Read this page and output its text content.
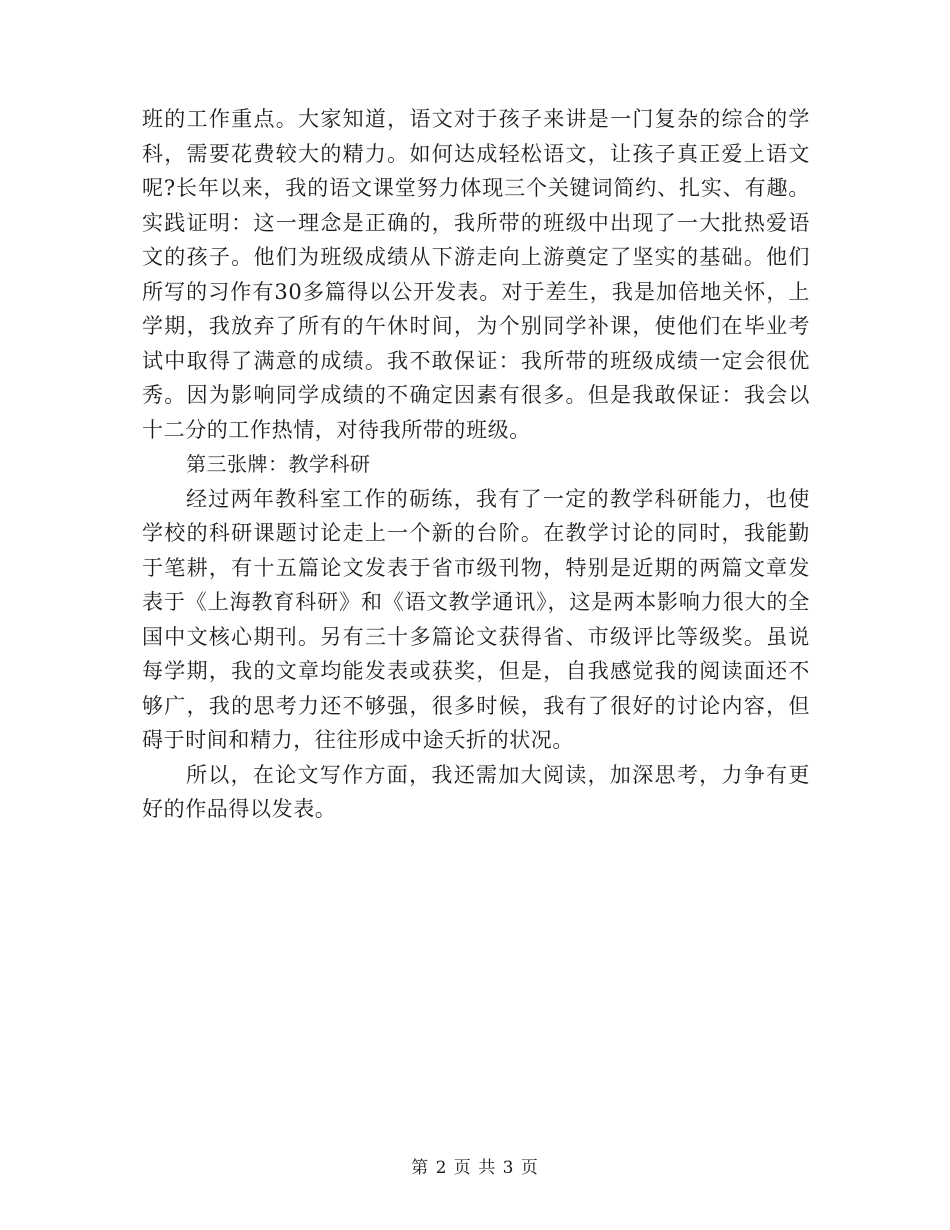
班的工作重点。大家知道，语文对于孩子来讲是一门复杂的综合的学科，需要花费较大的精力。如何达成轻松语文，让孩子真正爱上语文呢?长年以来，我的语文课堂努力体现三个关键词简约、扎实、有趣。实践证明：这一理念是正确的，我所带的班级中出现了一大批热爱语文的孩子。他们为班级成绩从下游走向上游奠定了坚实的基础。他们所写的习作有30多篇得以公开发表。对于差生，我是加倍地关怀，上学期，我放弃了所有的午休时间，为个别同学补课，使他们在毕业考试中取得了满意的成绩。我不敢保证：我所带的班级成绩一定会很优秀。因为影响同学成绩的不确定因素有很多。但是我敢保证：我会以十二分的工作热情，对待我所带的班级。

第三张牌：教学科研

经过两年教科室工作的砺练，我有了一定的教学科研能力，也使学校的科研课题讨论走上一个新的台阶。在教学讨论的同时，我能勤于笔耕，有十五篇论文发表于省市级刊物，特别是近期的两篇文章发表于《上海教育科研》和《语文教学通讯》，这是两本影响力很大的全国中文核心期刊。另有三十多篇论文获得省、市级评比等级奖。虽说每学期，我的文章均能发表或获奖，但是，自我感觉我的阅读面还不够广，我的思考力还不够强，很多时候，我有了很好的讨论内容，但碍于时间和精力，往往形成中途夭折的状况。

所以，在论文写作方面，我还需加大阅读，加深思考，力争有更好的作品得以发表。

第 2 页 共 3 页
